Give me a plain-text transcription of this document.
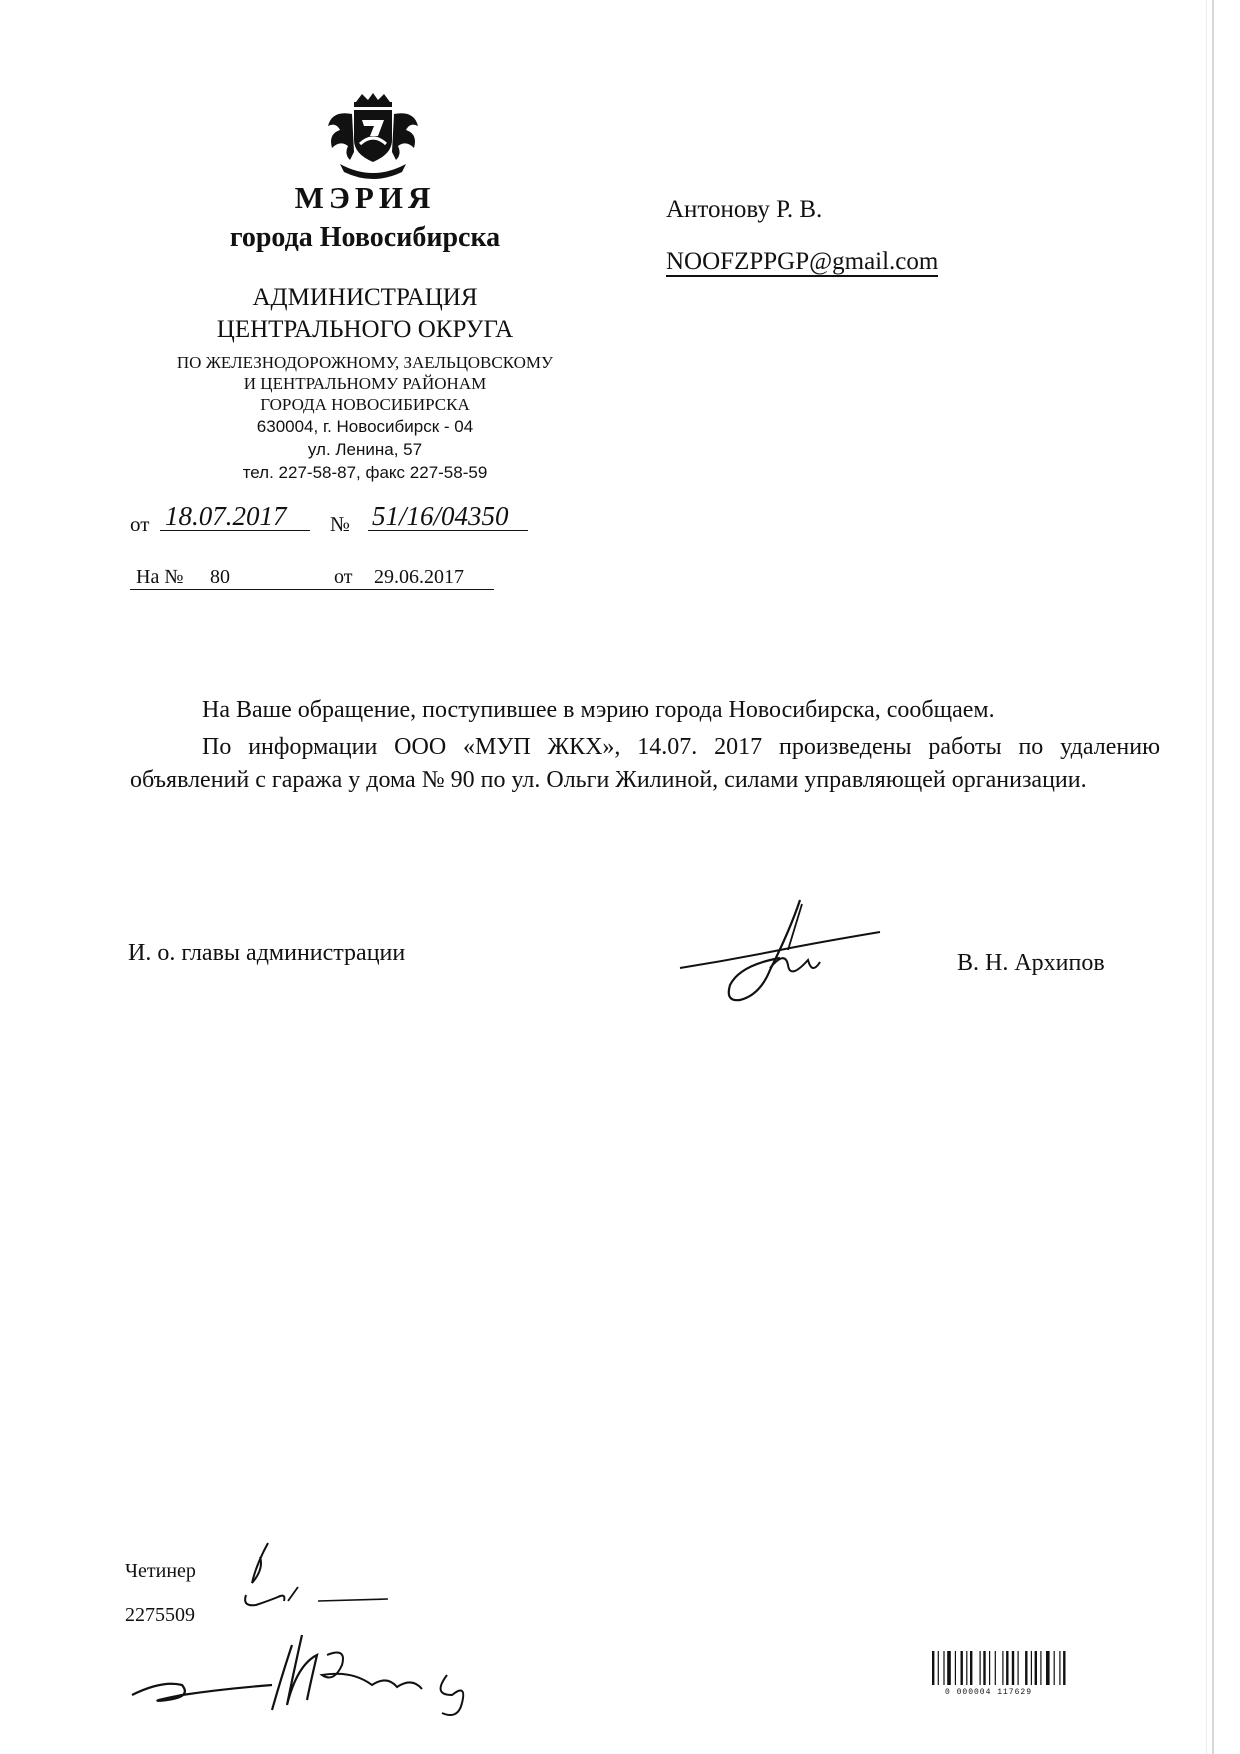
МЭРИЯ
города Новосибирска
АДМИНИСТРАЦИЯ
ЦЕНТРАЛЬНОГО ОКРУГА
ПО ЖЕЛЕЗНОДОРОЖНОМУ, ЗАЕЛЬЦОВСКОМУ
И ЦЕНТРАЛЬНОМУ РАЙОНАМ
ГОРОДА НОВОСИБИРСКА
630004, г. Новосибирск - 04
ул. Ленина, 57
тел. 227-58-87, факс 227-58-59
Антонову Р. В.
NOOFZPPGP@gmail.com
от 18.07.2017 № 51/16/04350
На № 80	от 29.06.2017

На Ваше обращение, поступившее в мэрию города Новосибирска, сообщаем.

По информации ООО «МУП ЖКХ», 14.07. 2017 произведены работы по удалению объявлений с гаража у дома № 90 по ул. Ольги Жилиной, силами управляющей организации.

И. о. главы администрации	В. Н. Архипов
Четинер
2275509
0 000004 117629
